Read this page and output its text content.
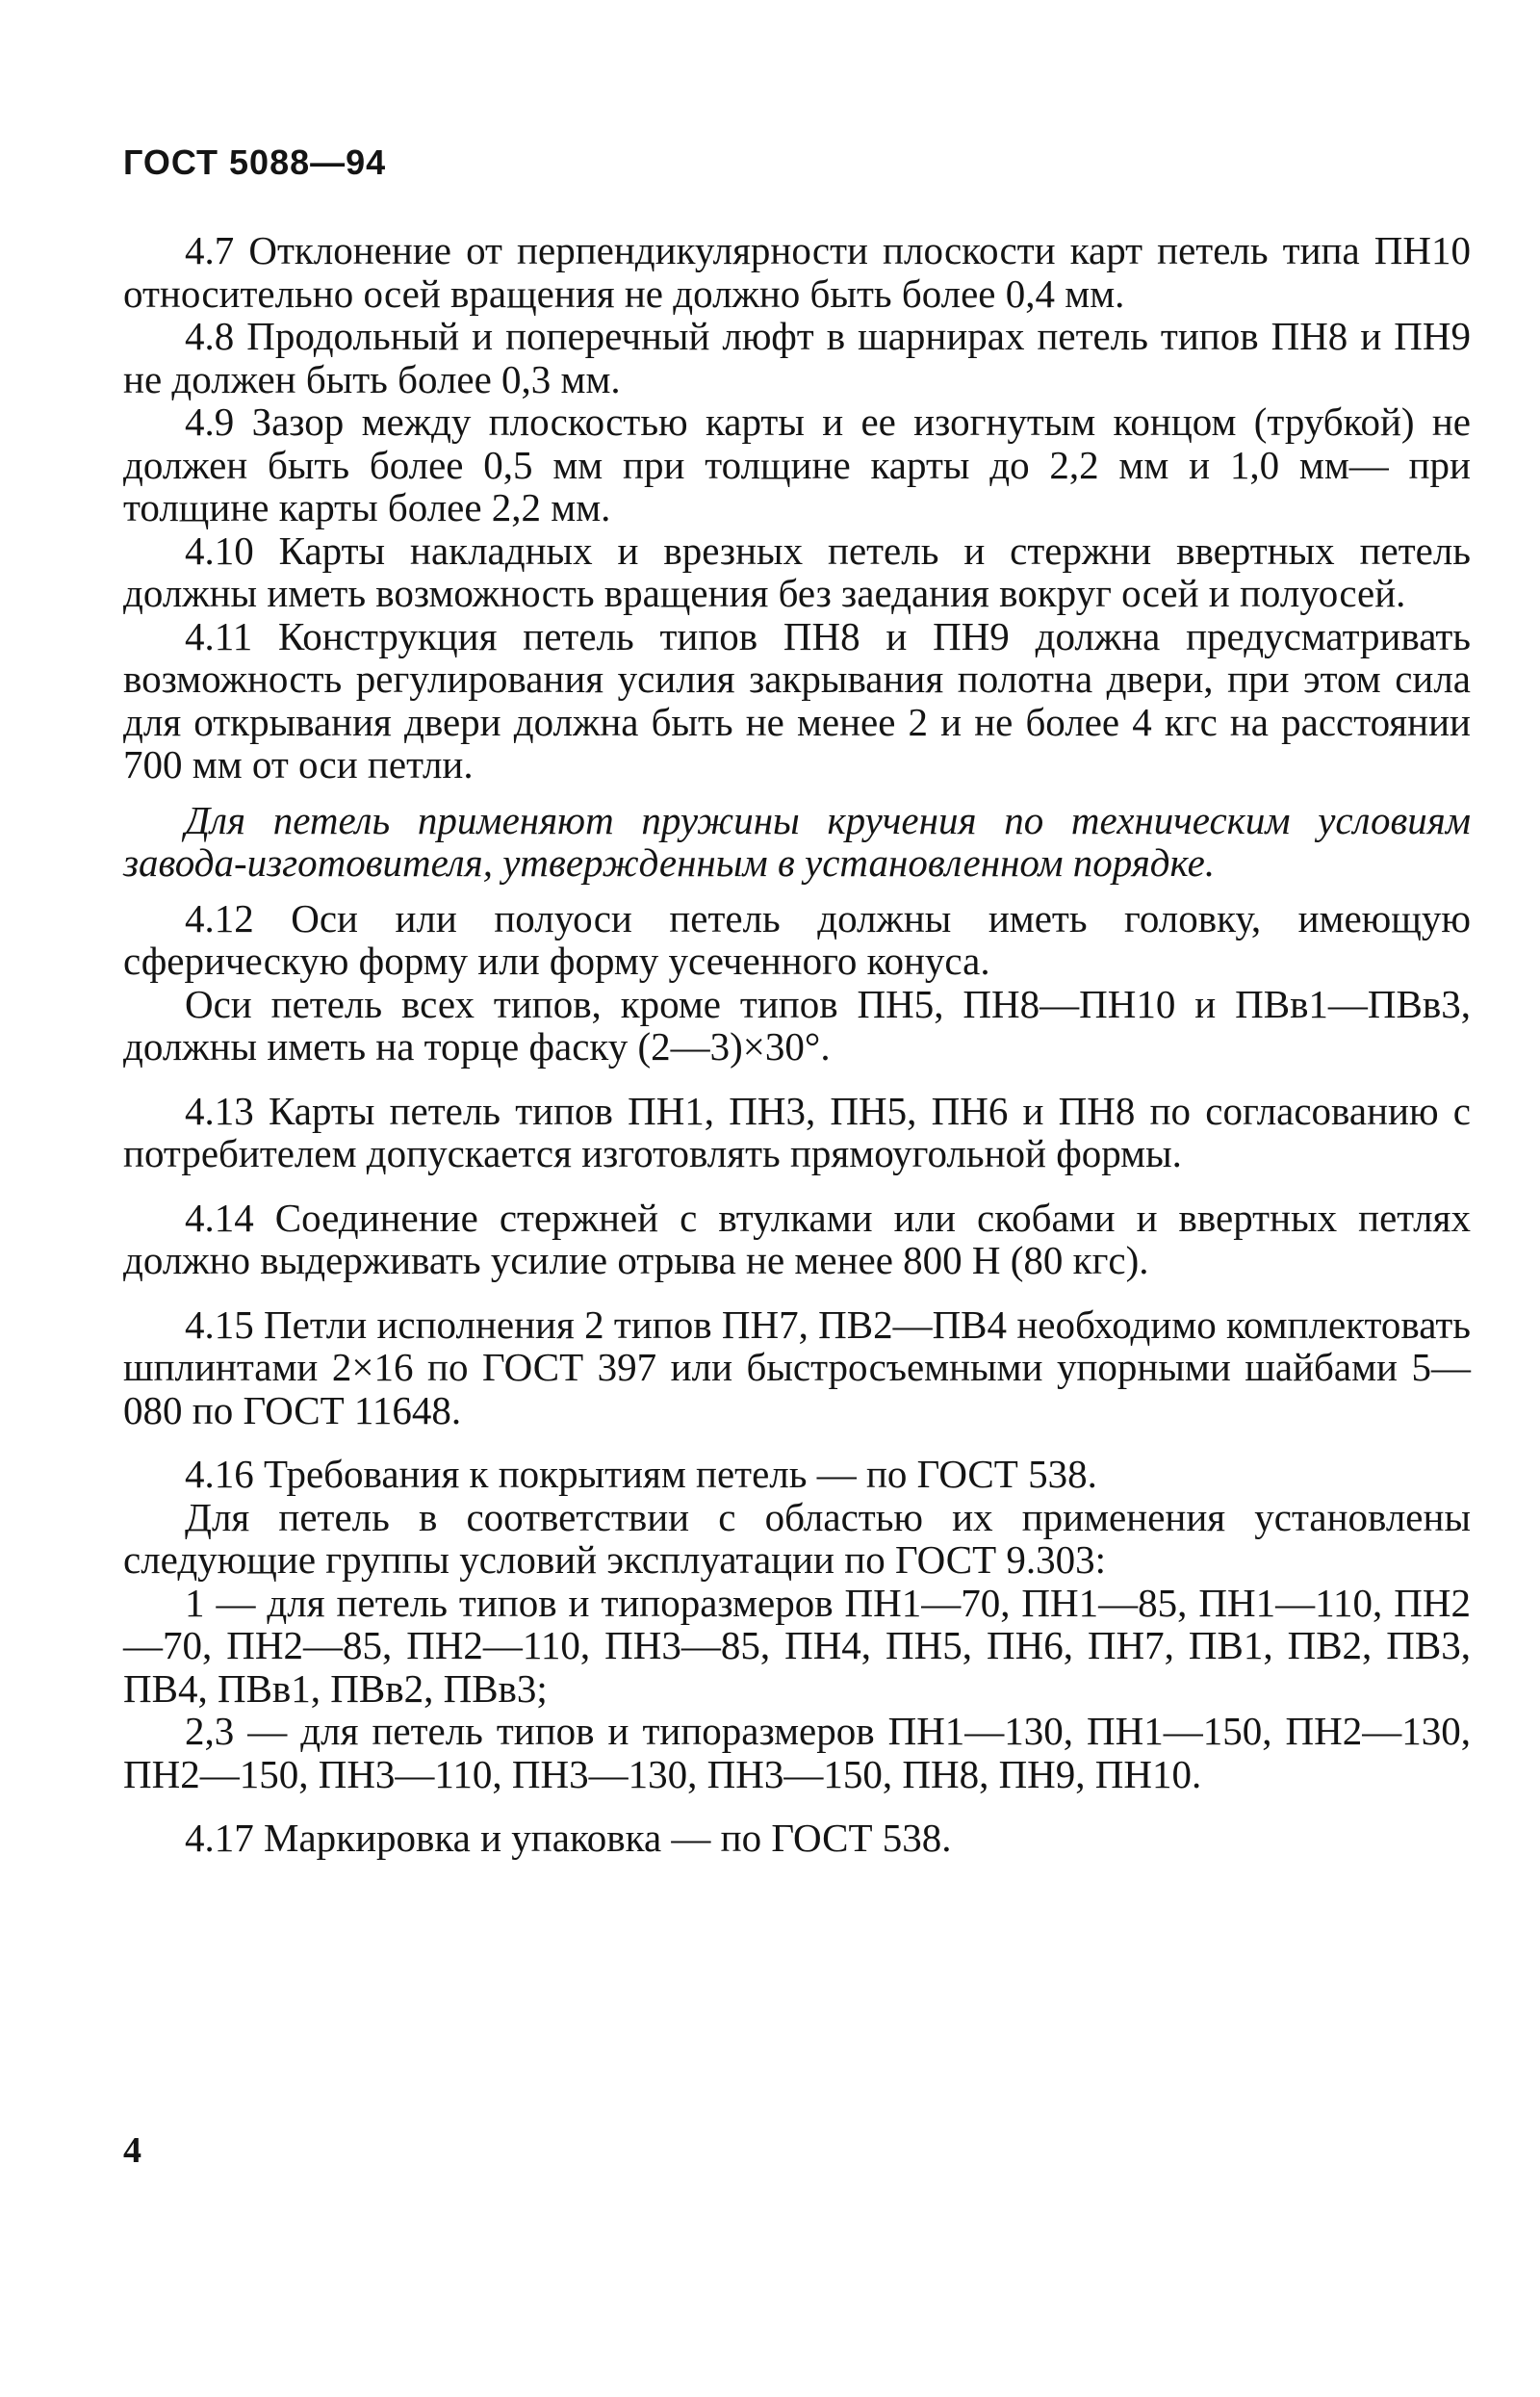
ГОСТ 5088—94

4.7 Отклонение от перпендикулярности плоскости карт петель типа ПН10 относительно осей вращения не должно быть более 0,4 мм.

4.8 Продольный и поперечный люфт в шарнирах петель типов ПН8 и ПН9 не должен быть более 0,3 мм.

4.9 Зазор между плоскостью карты и ее изогнутым концом (трубкой) не должен быть более 0,5 мм при толщине карты до 2,2 мм и 1,0 мм— при толщине карты более 2,2 мм.

4.10 Карты накладных и врезных петель и стержни ввертных петель должны иметь возможность вращения без заедания вокруг осей и полуосей.

4.11 Конструкция петель типов ПН8 и ПН9 должна предусматривать возможность регулирования усилия закрывания полотна двери, при этом сила для открывания двери должна быть не менее 2 и не более 4 кгс на расстоянии 700 мм от оси петли.

Для петель применяют пружины кручения по техническим условиям завода-изготовителя, утвержденным в установленном порядке.

4.12 Оси или полуоси петель должны иметь головку, имеющую сферическую форму или форму усеченного конуса.

Оси петель всех типов, кроме типов ПН5, ПН8—ПН10 и ПВв1—ПВв3, должны иметь на торце фаску (2—3)×30°.

4.13 Карты петель типов ПН1, ПН3, ПН5, ПН6 и ПН8 по согласованию с потребителем допускается изготовлять прямоугольной формы.

4.14 Соединение стержней с втулками или скобами и ввертных петлях должно выдерживать усилие отрыва не менее 800 Н (80 кгс).

4.15 Петли исполнения 2 типов ПН7, ПВ2—ПВ4 необходимо комплектовать шплинтами 2×16 по ГОСТ 397 или быстросъемными упорными шайбами 5—080 по ГОСТ 11648.

4.16 Требования к покрытиям петель — по ГОСТ 538.

Для петель в соответствии с областью их применения установлены следующие группы условий эксплуатации по ГОСТ 9.303:

1 — для петель типов и типоразмеров ПН1—70, ПН1—85, ПН1—110, ПН2—70, ПН2—85, ПН2—110, ПН3—85, ПН4, ПН5, ПН6, ПН7, ПВ1, ПВ2, ПВ3, ПВ4, ПВв1, ПВв2, ПВв3;

2,3 — для петель типов и типоразмеров ПН1—130, ПН1—150, ПН2—130, ПН2—150, ПН3—110, ПН3—130, ПН3—150, ПН8, ПН9, ПН10.

4.17 Маркировка и упаковка — по ГОСТ 538.

4
